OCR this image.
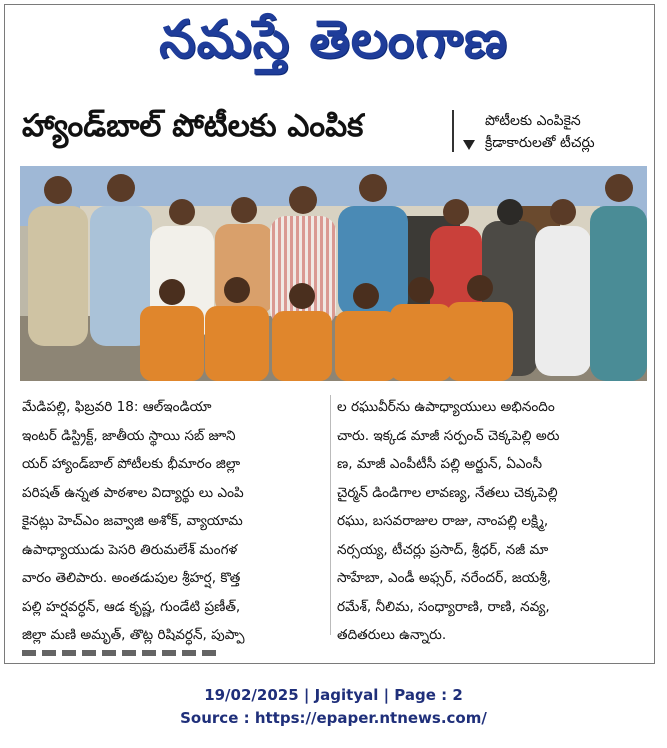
నమస్తే తెలంగాణ
హ్యాండ్‌బాల్ పోటీలకు ఎంపిక	పోటీలకు ఎంపికైన
క్రీడాకారులతో టీచర్లు
మేడిపల్లి, ఫిబ్రవరి 18: ఆల్‌ఇండియా
ఇంటర్ డిస్ట్రిక్ట్, జాతీయ స్థాయి సబ్ జూని
యర్ హ్యాండ్‌బాల్ పోటీలకు భీమారం జిల్లా
పరిషత్ ఉన్నత పాఠశాల విద్యార్థు లు ఎంపి
కైనట్లు హెచ్‌ఎం జవ్వాజి అశోక్, వ్యాయామ
ఉపాధ్యాయుడు పెసరి తిరుమలేశ్ మంగళ
వారం తెలిపారు. అంతడుపుల శ్రీహర్ష, కొత్త
పల్లి హర్షవర్ధన్, ఆడ కృష్ణ, గుండేటి ప్రణీత్,
జిల్లా మణి అమృత్, తొట్ల రిషివర్ధన్, పుప్పా
ల రఘువీర్‌ను ఉపాధ్యాయులు అభినందిం
చారు. ఇక్కడ మాజీ సర్పంచ్ చెక్కపెల్లి అరు
ణ, మాజీ ఎంపీటీసీ పల్లి అర్జున్, ఏఎంసీ
చైర్మన్ డిండిగాల లావణ్య, నేతలు చెక్కపెల్లి
రఘు, బసవరాజుల రాజు, నాంపల్లి లక్ష్మి,
నర్సయ్య, టీచర్లు ప్రసాద్, శ్రీధర్, నజీ మా
సాహేబా, ఎండీ అఫ్సర్, నరేందర్, జయశ్రీ,
రమేశ్, నీలిమ, సంధ్యారాణి, రాణి, నవ్య,
తదితరులు ఉన్నారు.
19/02/2025 | Jagityal | Page : 2
Source : https://epaper.ntnews.com/
